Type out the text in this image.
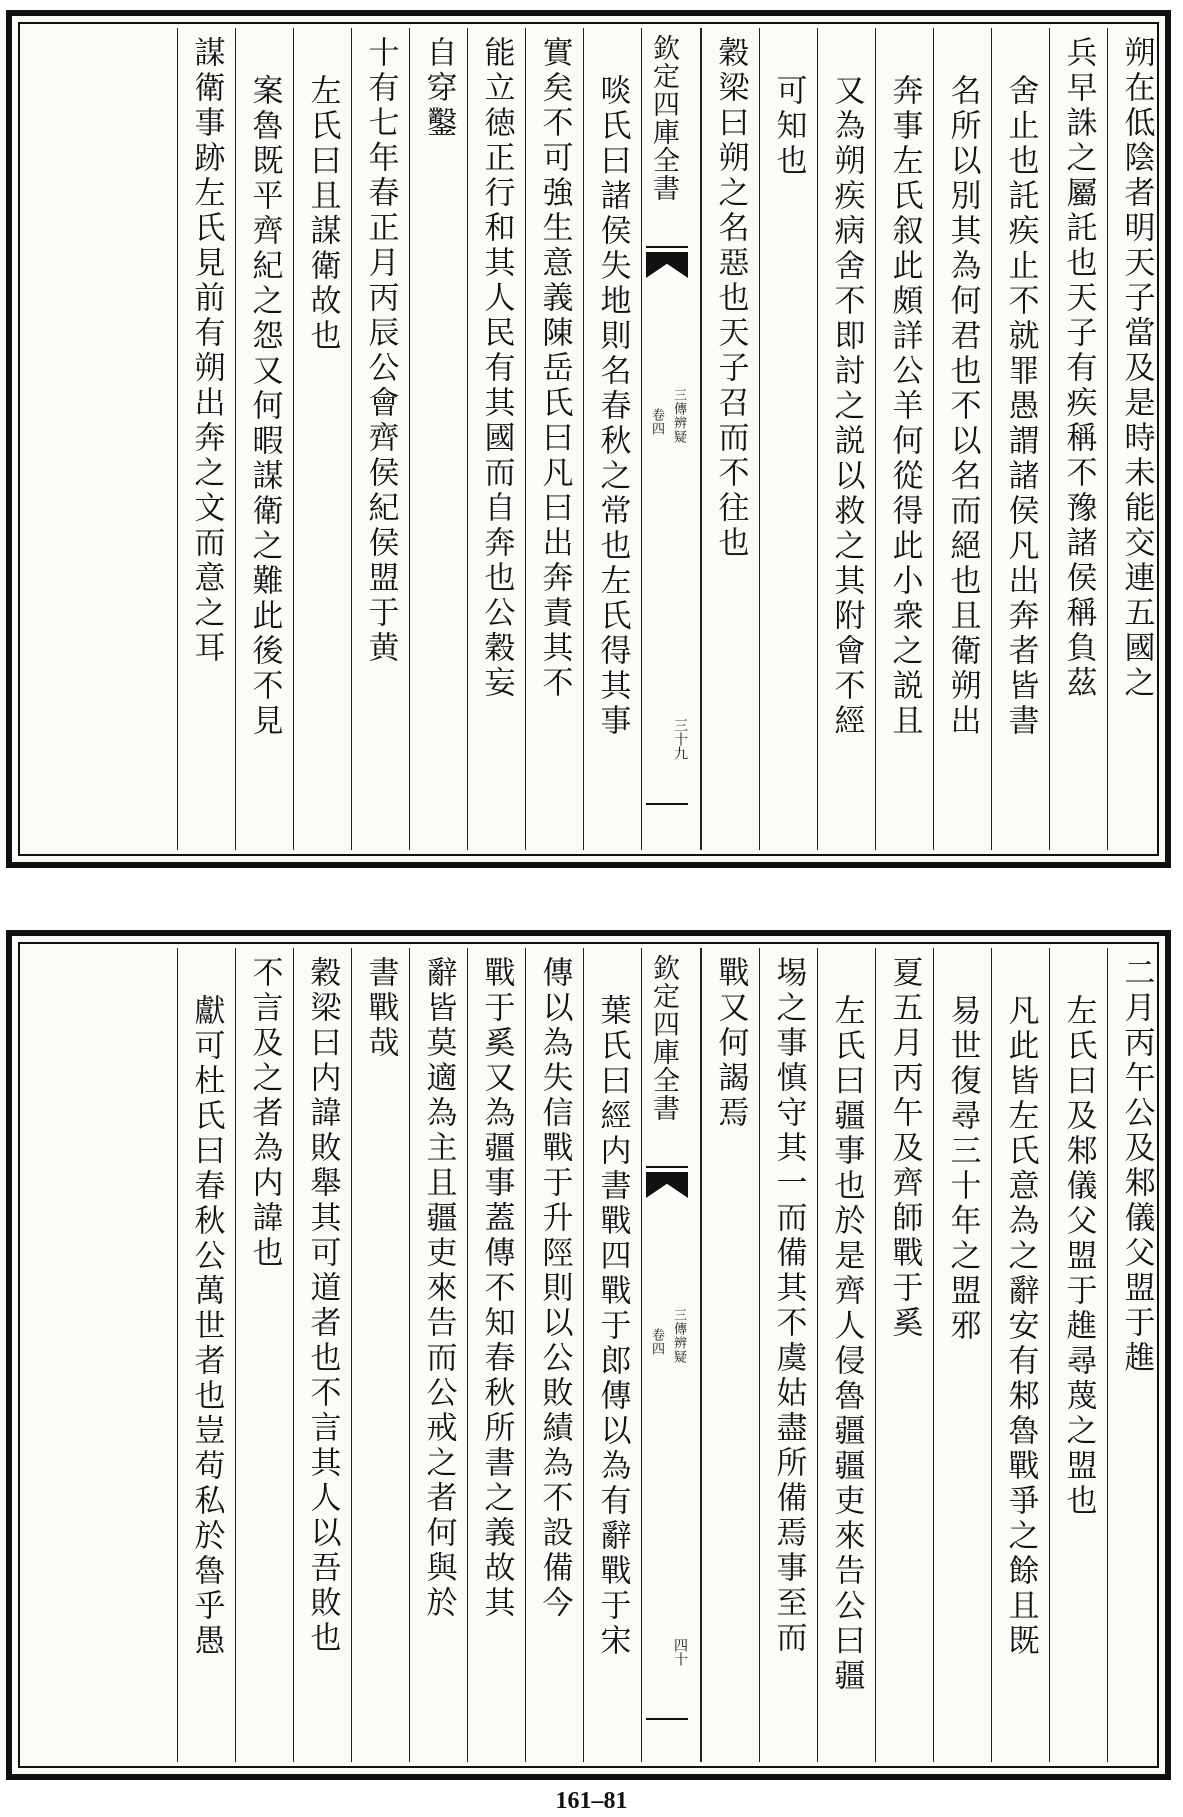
朔在低陰者明天子當及是時未能交連五國之
兵早誅之屬託也天子有疾稱不豫諸侯稱負茲
舍止也託疾止不就罪愚謂諸侯凡出奔者皆書
名所以別其為何君也不以名而絕也且衛朔出
奔事左氏叙此頗詳公羊何從得此小衆之説且
又為朔疾病舍不即討之説以救之其附會不經
可知也
穀梁曰朔之名惡也天子召而不往也
欽定四庫全書
三傳辨疑
卷四
三十九
啖氏曰諸侯失地則名春秋之常也左氏得其事
實矣不可強生意義陳岳氏曰凡曰出奔責其不
能立徳正行和其人民有其國而自奔也公穀妄
自穿鑿
十有七年春正月丙辰公會齊侯紀侯盟于黄
左氏曰且謀衛故也
案魯既平齊紀之怨又何暇謀衛之難此後不見
謀衛事跡左氏見前有朔出奔之文而意之耳
二月丙午公及邾儀父盟于趡
左氏曰及邾儀父盟于趡尋蔑之盟也
凡此皆左氏意為之辭安有邾魯戰爭之餘且既
易世復尋三十年之盟邪
夏五月丙午及齊師戰于奚
左氏曰疆事也於是齊人侵魯疆疆吏來告公曰疆
埸之事慎守其一而備其不虞姑盡所備焉事至而
戰又何謁焉
欽定四庫全書
三傳辨疑
卷四
四十
葉氏曰經内書戰四戰于郎傳以為有辭戰于宋
傳以為失信戰于升陘則以公敗績為不設備今
戰于奚又為疆事蓋傳不知春秋所書之義故其
辭皆莫適為主且疆吏來告而公戒之者何與於
書戰哉
穀梁曰内諱敗舉其可道者也不言其人以吾敗也
不言及之者為内諱也
獻可杜氏曰春秋公萬世者也豈苟私於魯乎愚
161–81
